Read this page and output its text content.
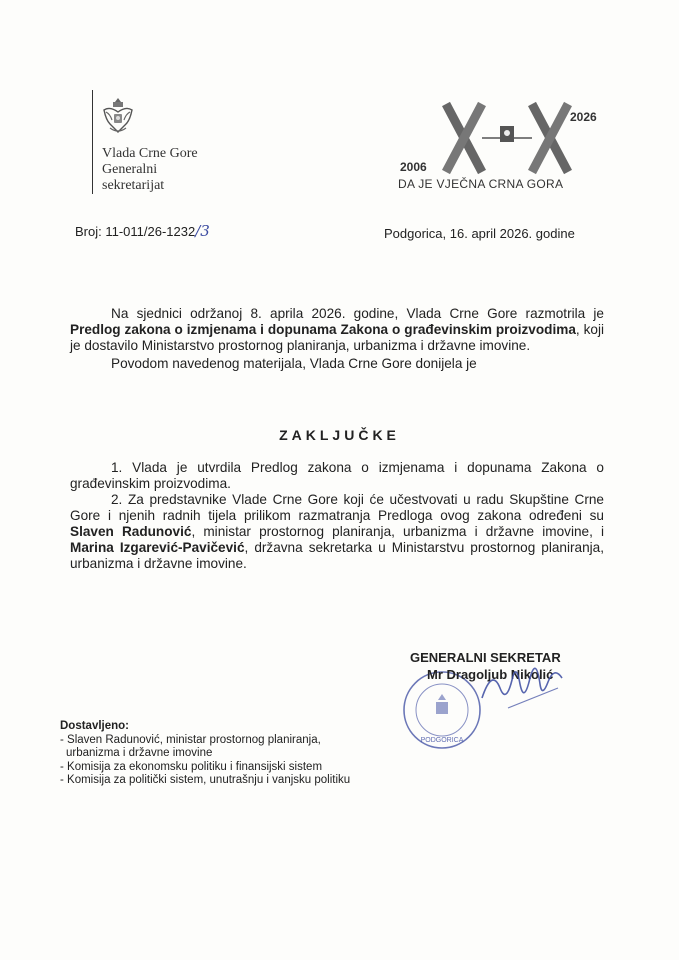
Vlada Crne Gore
Generalni
sekretarijat
2026
2006
DA JE VJEČNA CRNA GORA
Broj: 11-011/26-1232/3	Podgorica, 16. april 2026. godine

Na sjednici održanoj 8. aprila 2026. godine, Vlada Crne Gore razmotrila je Predlog zakona o izmjenama i dopunama Zakona o građevinskim proizvodima, koji je dostavilo Ministarstvo prostornog planiranja, urbanizma i državne imovine.

Povodom navedenog materijala, Vlada Crne Gore donijela je

ZAKLJUČKE

1. Vlada je utvrdila Predlog zakona o izmjenama i dopunama Zakona o građevinskim proizvodima.

2. Za predstavnike Vlade Crne Gore koji će učestvovati u radu Skupštine Crne Gore i njenih radnih tijela prilikom razmatranja Predloga ovog zakona određeni su Slaven Radunović, ministar prostornog planiranja, urbanizma i državne imovine, i Marina Izgarević-Pavičević, državna sekretarka u Ministarstvu prostornog planiranja, urbanizma i državne imovine.

PODGORICA
GENERALNI SEKRETAR
Mr Dragoljub Nikolić
Dostavljeno:
- Slaven Radunović, ministar prostornog planiranja,
urbanizma i državne imovine
- Komisija za ekonomsku politiku i finansijski sistem
- Komisija za politički sistem, unutrašnju i vanjsku politiku
